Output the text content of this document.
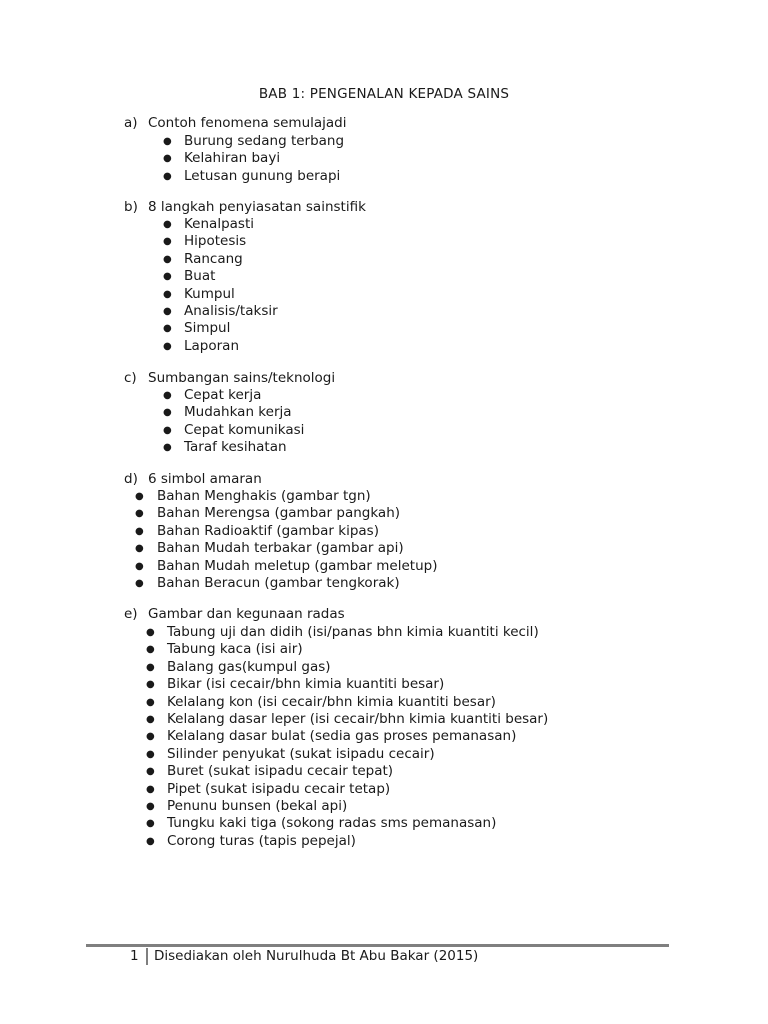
BAB 1: PENGENALAN KEPADA SAINS
a) Contoh fenomena semulajadi
● Burung sedang terbang
● Kelahiran bayi
● Letusan gunung berapi
b) 8 langkah penyiasatan sainstifik
● Kenalpasti
● Hipotesis
● Rancang
● Buat
● Kumpul
● Analisis/taksir
● Simpul
● Laporan
c) Sumbangan sains/teknologi
● Cepat kerja
● Mudahkan kerja
● Cepat komunikasi
● Taraf kesihatan
d) 6 simbol amaran
● Bahan Menghakis (gambar tgn)
● Bahan Merengsa (gambar pangkah)
● Bahan Radioaktif (gambar kipas)
● Bahan Mudah terbakar (gambar api)
● Bahan Mudah meletup (gambar meletup)
● Bahan Beracun (gambar tengkorak)
e) Gambar dan kegunaan radas
● Tabung uji dan didih (isi/panas bhn kimia kuantiti kecil)
● Tabung kaca (isi air)
● Balang gas(kumpul gas)
● Bikar (isi cecair/bhn kimia kuantiti besar)
● Kelalang kon (isi cecair/bhn kimia kuantiti besar)
● Kelalang dasar leper (isi cecair/bhn kimia kuantiti besar)
● Kelalang dasar bulat (sedia gas proses pemanasan)
● Silinder penyukat (sukat isipadu cecair)
● Buret (sukat isipadu cecair tepat)
● Pipet (sukat isipadu cecair tetap)
● Penunu bunsen (bekal api)
● Tungku kaki tiga (sokong radas sms pemanasan)
● Corong turas (tapis pepejal)
1	Disediakan oleh Nurulhuda Bt Abu Bakar (2015)
